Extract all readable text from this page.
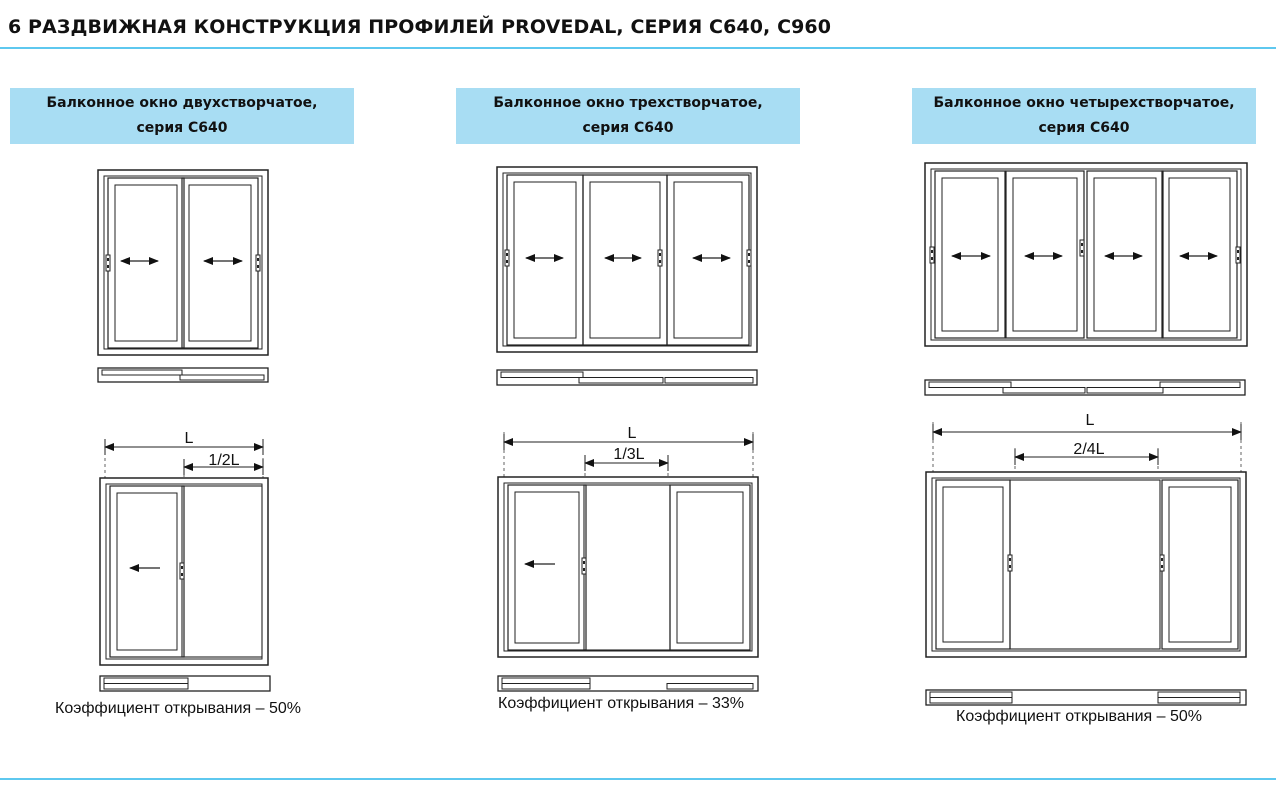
6 РАЗДВИЖНАЯ КОНСТРУКЦИЯ ПРОФИЛЕЙ PROVEDAL, СЕРИЯ С640, С960
Балконное окно двухстворчатое,
серия С640
Балконное окно трехстворчатое,
серия С640
Балконное окно четырехстворчатое,
серия С640
L
1/2L
L
1/3L
L
2/4L
Коэффициент открывания – 50%	Коэффициент открывания – 33%
Коэффициент открывания – 50%
